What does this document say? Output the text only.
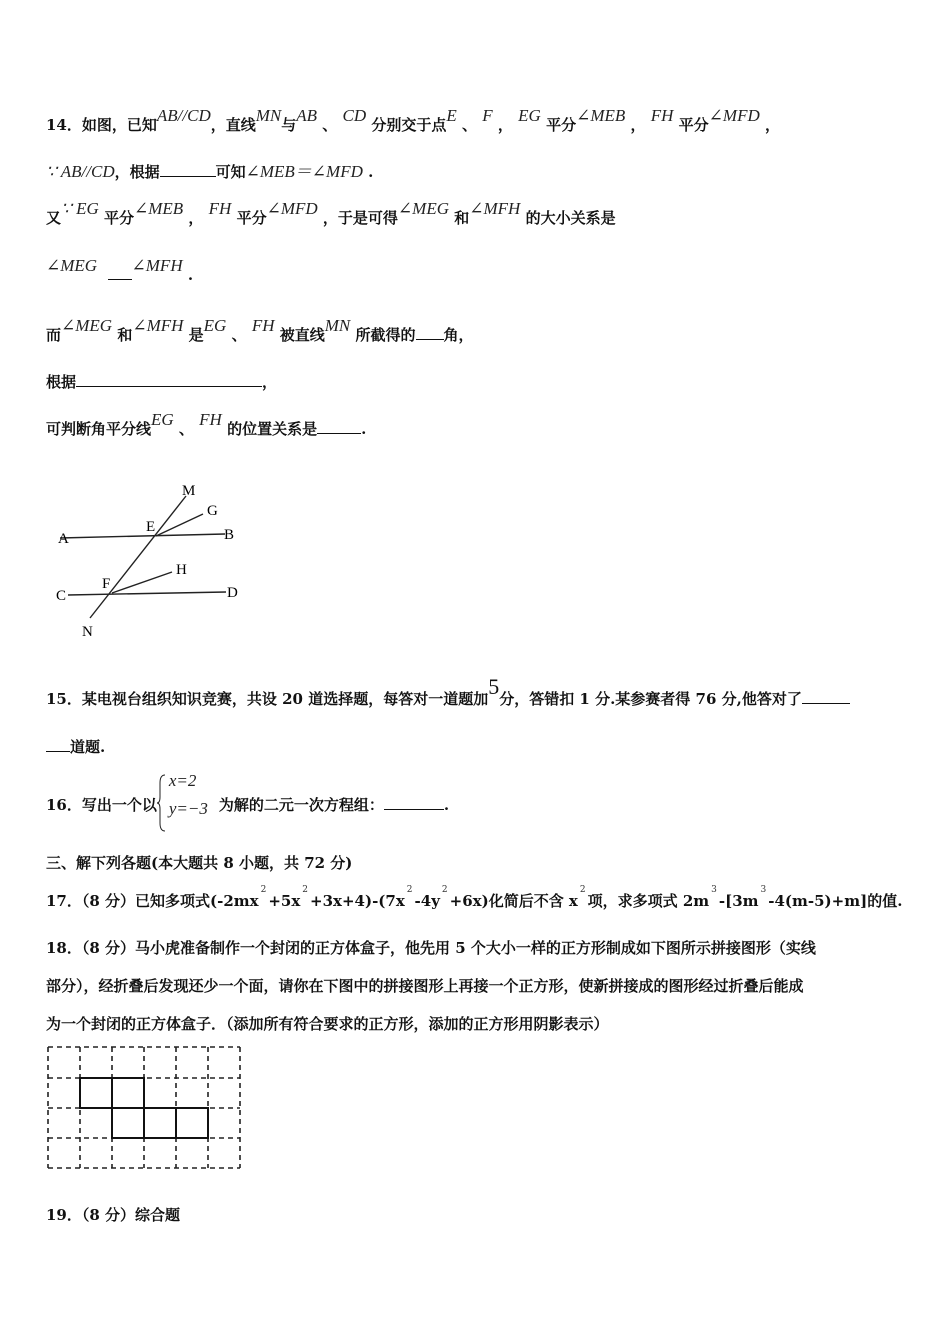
14．如图，已知AB//CD，直线MN与AB 、 CD 分别交于点E 、 F ， EG 平分∠MEB ， FH 平分∠MFD ，
∵ AB//CD，根据	可知∠MEB＝∠MFD .
又∵ EG 平分∠MEB ， FH 平分∠MFD ，于是可得∠MEG 和∠MFH 的大小关系是
∠MEG ∠MFH .
而∠MEG 和∠MFH 是EG 、 FH 被直线MN 所截得的 角，
根据	，
可判断角平分线EG 、 FH 的位置关系是	.
M
G
E	B
A
H
F
C	D
N
15．某电视台组织知识竞赛，共设 20 道选择题，每答对一道题加5分，答错扣 1 分.某参赛者得 76 分,他答对了
道题.
16．写出一个以
x=2
y=−3 为解的二元一次方程组：	.
三、解下列各题(本大题共 8 小题，共 72 分)
17．（8 分）已知多项式$(-2mx^2+5x^2+3x+4)-(7x^2-4y^2+6x)$化简后不含 $x^2$项，求多项式 $2m^3-[3m^3-4(m-5)+m]$的值.
18．（8 分）马小虎准备制作一个封闭的正方体盒子，他先用 5 个大小一样的正方形制成如下图所示拼接图形（实线
部分），经折叠后发现还少一个面，请你在下图中的拼接图形上再接一个正方形，使新拼接成的图形经过折叠后能成
为一个封闭的正方体盒子．（添加所有符合要求的正方形，添加的正方形用阴影表示）
19．（8 分）综合题
